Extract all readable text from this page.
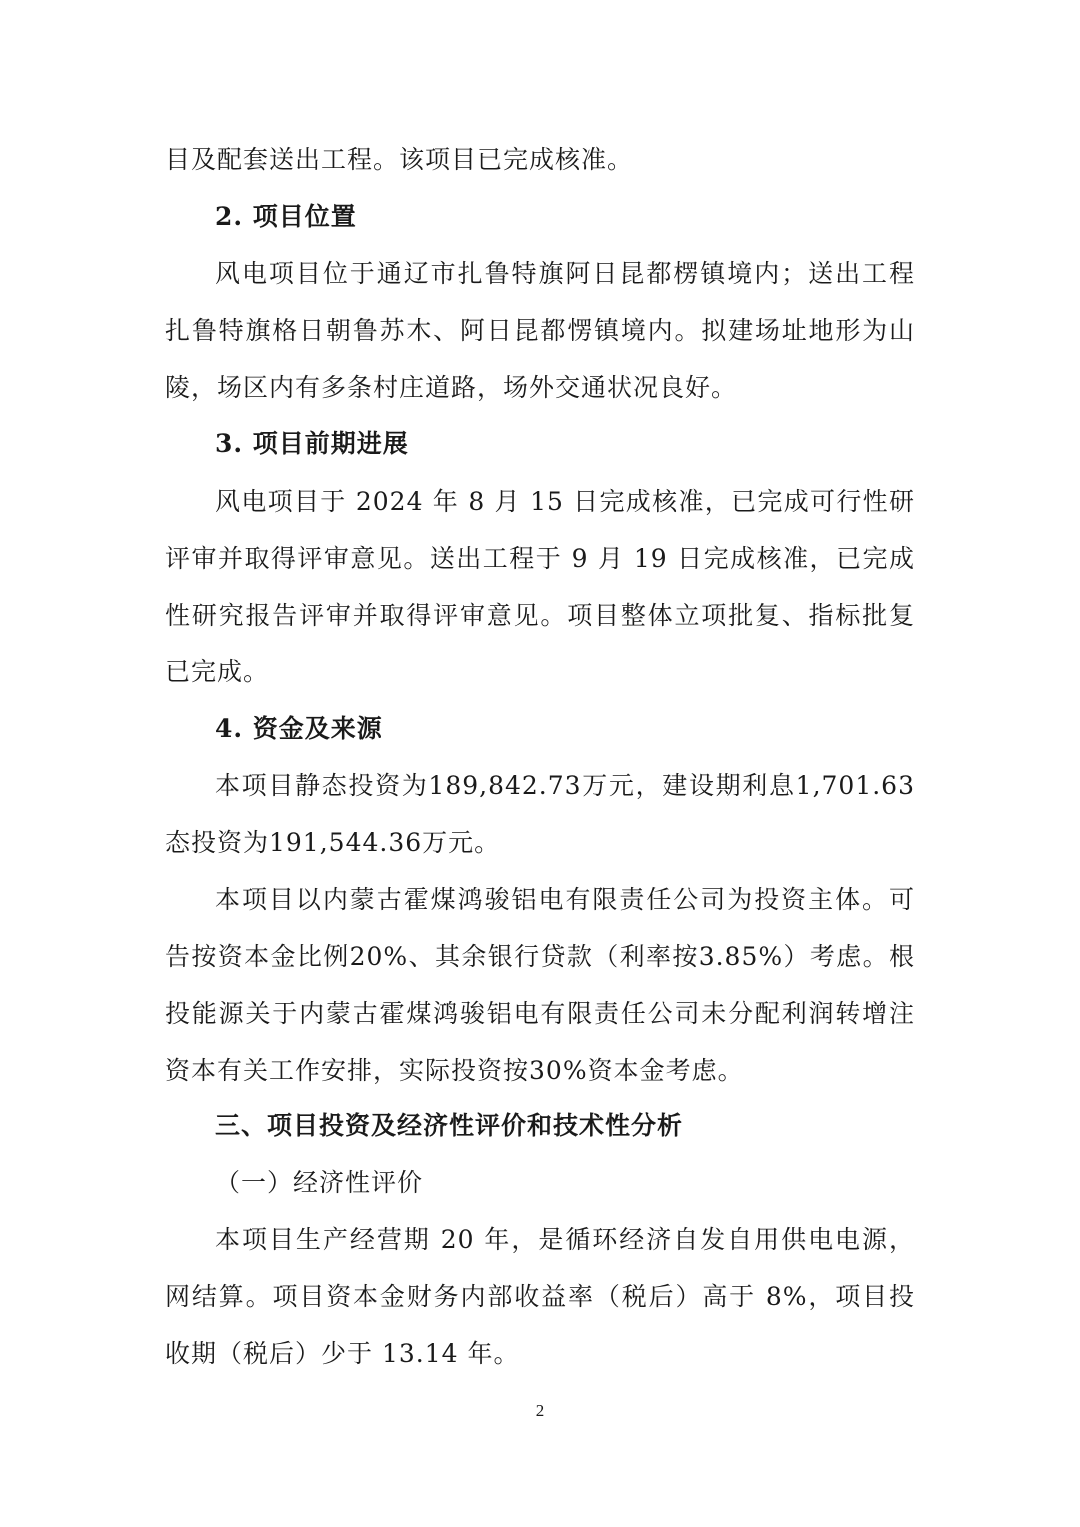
目及配套送出工程。该项目已完成核准。
2. 项目位置
风电项目位于通辽市扎鲁特旗阿日昆都楞镇境内；送出工程
扎鲁特旗格日朝鲁苏木、阿日昆都愣镇境内。拟建场址地形为山
陵，场区内有多条村庄道路，场外交通状况良好。
3. 项目前期进展
风电项目于 2024 年 8 月 15 日完成核准，已完成可行性研
评审并取得评审意见。送出工程于 9 月 19 日完成核准，已完成
性研究报告评审并取得评审意见。项目整体立项批复、指标批复
已完成。
4. 资金及来源
本项目静态投资为189,842.73万元，建设期利息1,701.63
态投资为191,544.36万元。
本项目以内蒙古霍煤鸿骏铝电有限责任公司为投资主体。可
告按资本金比例20%、其余银行贷款（利率按3.85%）考虑。根
投能源关于内蒙古霍煤鸿骏铝电有限责任公司未分配利润转增注
资本有关工作安排，实际投资按30%资本金考虑。
三、项目投资及经济性评价和技术性分析
（一）经济性评价
本项目生产经营期 20 年，是循环经济自发自用供电电源，
网结算。项目资本金财务内部收益率（税后）高于 8%，项目投
收期（税后）少于 13.14 年。
2
